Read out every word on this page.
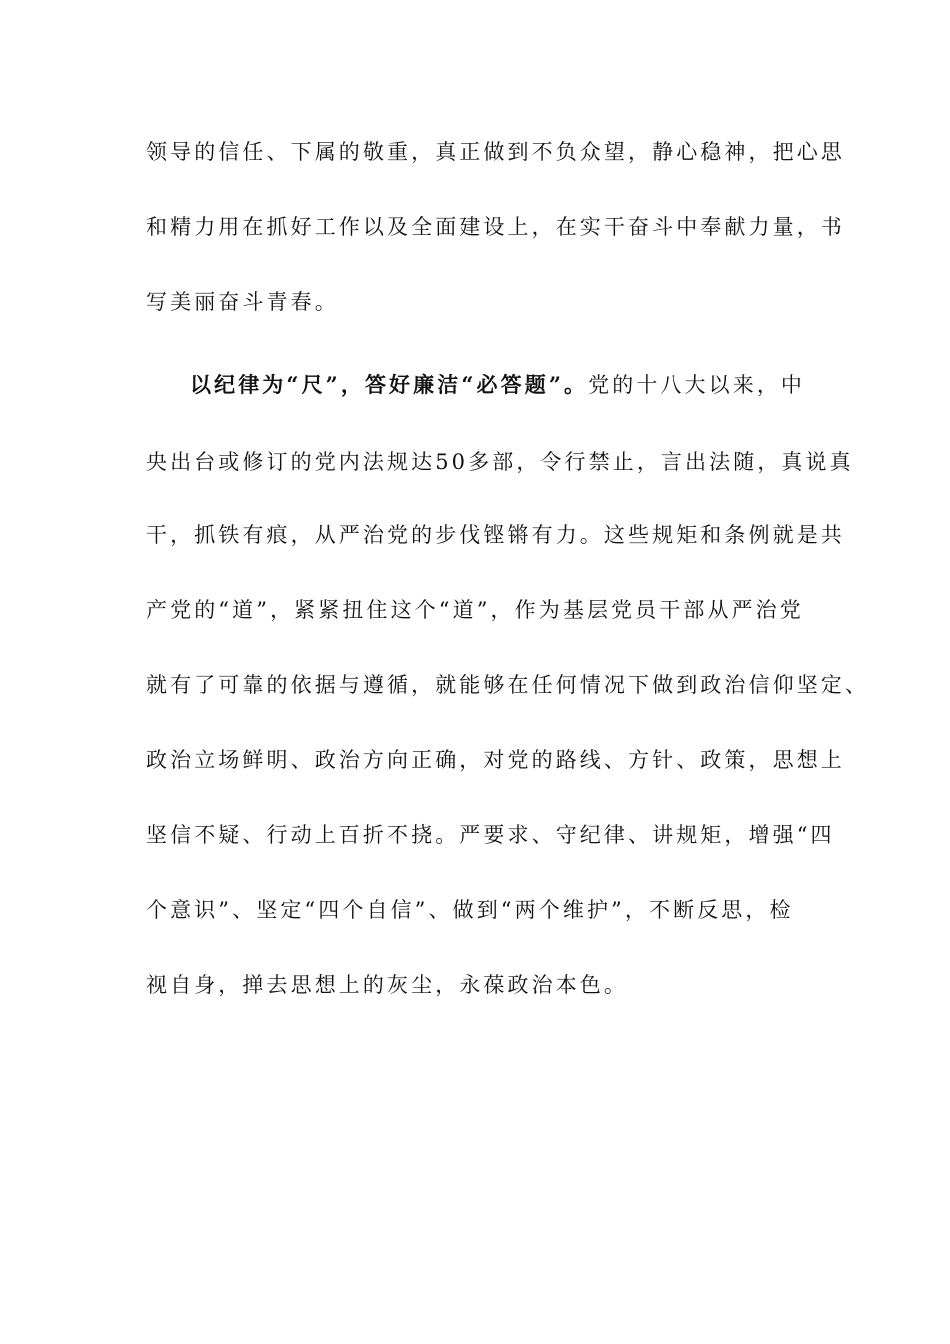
领导的信任、下属的敬重，真正做到不负众望，静心稳神，把心思

和精力用在抓好工作以及全面建设上，在实干奋斗中奉献力量，书

写美丽奋斗青春。

以纪律为“尺”，答好廉洁“必答题”。党的十八大以来，中

央出台或修订的党内法规达50多部，令行禁止，言出法随，真说真

干，抓铁有痕，从严治党的步伐铿锵有力。这些规矩和条例就是共

产党的“道”，紧紧扭住这个“道”，作为基层党员干部从严治党

就有了可靠的依据与遵循，就能够在任何情况下做到政治信仰坚定、

政治立场鲜明、政治方向正确，对党的路线、方针、政策，思想上

坚信不疑、行动上百折不挠。严要求、守纪律、讲规矩，增强“四

个意识”、坚定“四个自信”、做到“两个维护”，不断反思，检

视自身，掸去思想上的灰尘，永葆政治本色。
